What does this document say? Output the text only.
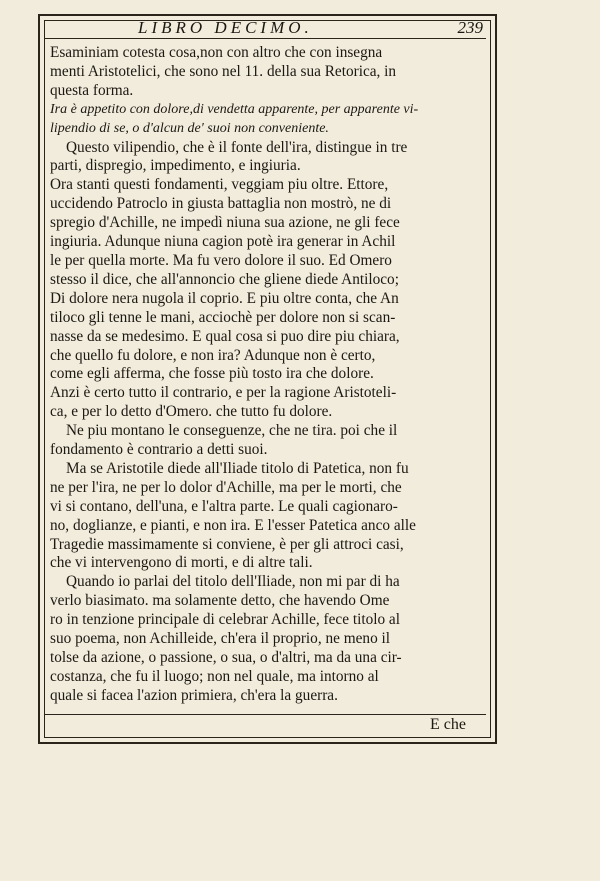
LIBRO DECIMO.	239

Esaminiam cotesta cosa,non con altro che con insegna
menti Aristotelici, che sono nel 11. della sua Retorica, in
questa forma.

Ira è appetito con dolore,di vendetta apparente, per apparente vi-
lipendio di se, o d'alcun de' suoi non conveniente.

Questo vilipendio, che è il fonte dell'ira, distingue in tre
parti, dispregio, impedimento, e ingiuria.
Ora stanti questi fondamenti, veggiam piu oltre. Ettore,
uccidendo Patroclo in giusta battaglia non mostrò, ne di
spregio d'Achille, ne impedì niuna sua azione, ne gli fece
ingiuria. Adunque niuna cagion potè ira generar in Achil
le per quella morte. Ma fu vero dolore il suo. Ed Omero
stesso il dice, che all'annoncio che gliene diede Antiloco;
Di dolore nera nugola il coprio. E piu oltre conta, che An
tiloco gli tenne le mani, acciochè per dolore non si scan-
nasse da se medesimo. E qual cosa si puo dire piu chiara,
che quello fu dolore, e non ira? Adunque non è certo,
come egli afferma, che fosse più tosto ira che dolore.
Anzi è certo tutto il contrario, e per la ragione Aristoteli-
ca, e per lo detto d'Omero. che tutto fu dolore.
Ne piu montano le conseguenze, che ne tira. poi che il
fondamento è contrario a detti suoi.
Ma se Aristotile diede all'Iliade titolo di Patetica, non fu
ne per l'ira, ne per lo dolor d'Achille, ma per le morti, che
vi si contano, dell'una, e l'altra parte. Le quali cagionaro-
no, doglianze, e pianti, e non ira. E l'esser Patetica anco alle
Tragedie massimamente si conviene, è per gli attroci casi,
che vi intervengono di morti, e di altre tali.
Quando io parlai del titolo dell'Iliade, non mi par di ha
verlo biasimato. ma solamente detto, che havendo Ome
ro in tenzione principale di celebrar Achille, fece titolo al
suo poema, non Achilleide, ch'era il proprio, ne meno il
tolse da azione, o passione, o sua, o d'altri, ma da una cir-
costanza, che fu il luogo; non nel quale, ma intorno al
quale si facea l'azion primiera, ch'era la guerra.

E che
